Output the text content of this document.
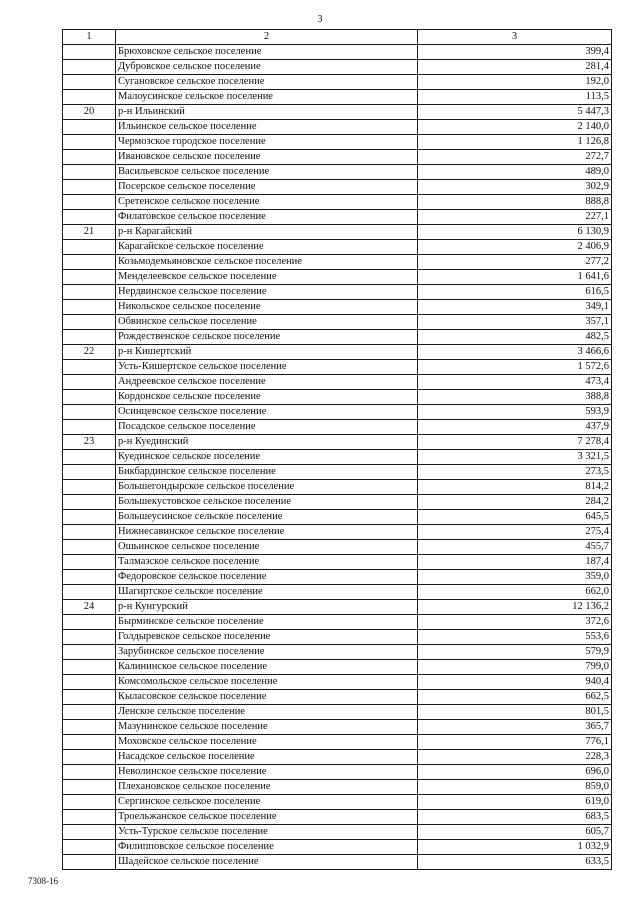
3
1	2	3
	Брюховское сельское поселение	399,4
	Дубровское сельское поселение	281,4
	Сугановское сельское поселение	192,0
	Малоусинское сельское поселение	113,5
20	р-н Ильинский	5 447,3
	Ильинское сельское поселение	2 140,0
	Чермозское городское поселение	1 126,8
	Ивановское сельское поселение	272,7
	Васильевское сельское поселение	489,0
	Посерское сельское поселение	302,9
	Сретенское сельское поселение	888,8
	Филатовское сельское поселение	227,1
21	р-н Карагайский	6 130,9
	Карагайское сельское поселение	2 406,9
	Козьмодемьяновское сельское поселение	277,2
	Менделеевское сельское поселение	1 641,6
	Нердвинское сельское поселение	616,5
	Никольское сельское поселение	349,1
	Обвинское сельское поселение	357,1
	Рождественское сельское поселение	482,5
22	р-н Кишертский	3 466,6
	Усть-Кишертское сельское поселение	1 572,6
	Андреевское сельское поселение	473,4
	Кордонское сельское поселение	388,8
	Осинцевское сельское поселение	593,9
	Посадское сельское поселение	437,9
23	р-н Куединский	7 278,4
	Куединское сельское поселение	3 321,5
	Бикбардинское сельское поселение	273,5
	Большегондырское сельское поселение	814,2
	Большекустовское сельское поселение	284,2
	Большеусинское сельское поселение	645,5
	Нижнесавинское сельское поселение	275,4
	Ошьинское сельское поселение	455,7
	Талмазское сельское поселение	187,4
	Федоровское сельское поселение	359,0
	Шагиртское сельское поселение	662,0
24	р-н Кунгурский	12 136,2
	Бырминское сельское поселение	372,6
	Голдыревское сельское поселение	553,6
	Зарубинское сельское поселение	579,9
	Калининское сельское поселение	799,0
	Комсомольское сельское поселение	940,4
	Кыласовское сельское поселение	662,5
	Ленское сельское поселение	801,5
	Мазунинское сельское поселение	365,7
	Моховское сельское поселение	776,1
	Насадское сельское поселение	228,3
	Неволинское сельское поселение	696,0
	Плехановское сельское поселение	859,0
	Сергинское сельское поселение	619,0
	Троельжанское сельское поселение	683,5
	Усть-Турское сельское поселение	605,7
	Филипповское сельское поселение	1 032,9
	Шадейское сельское поселение	633,5
7308-16
